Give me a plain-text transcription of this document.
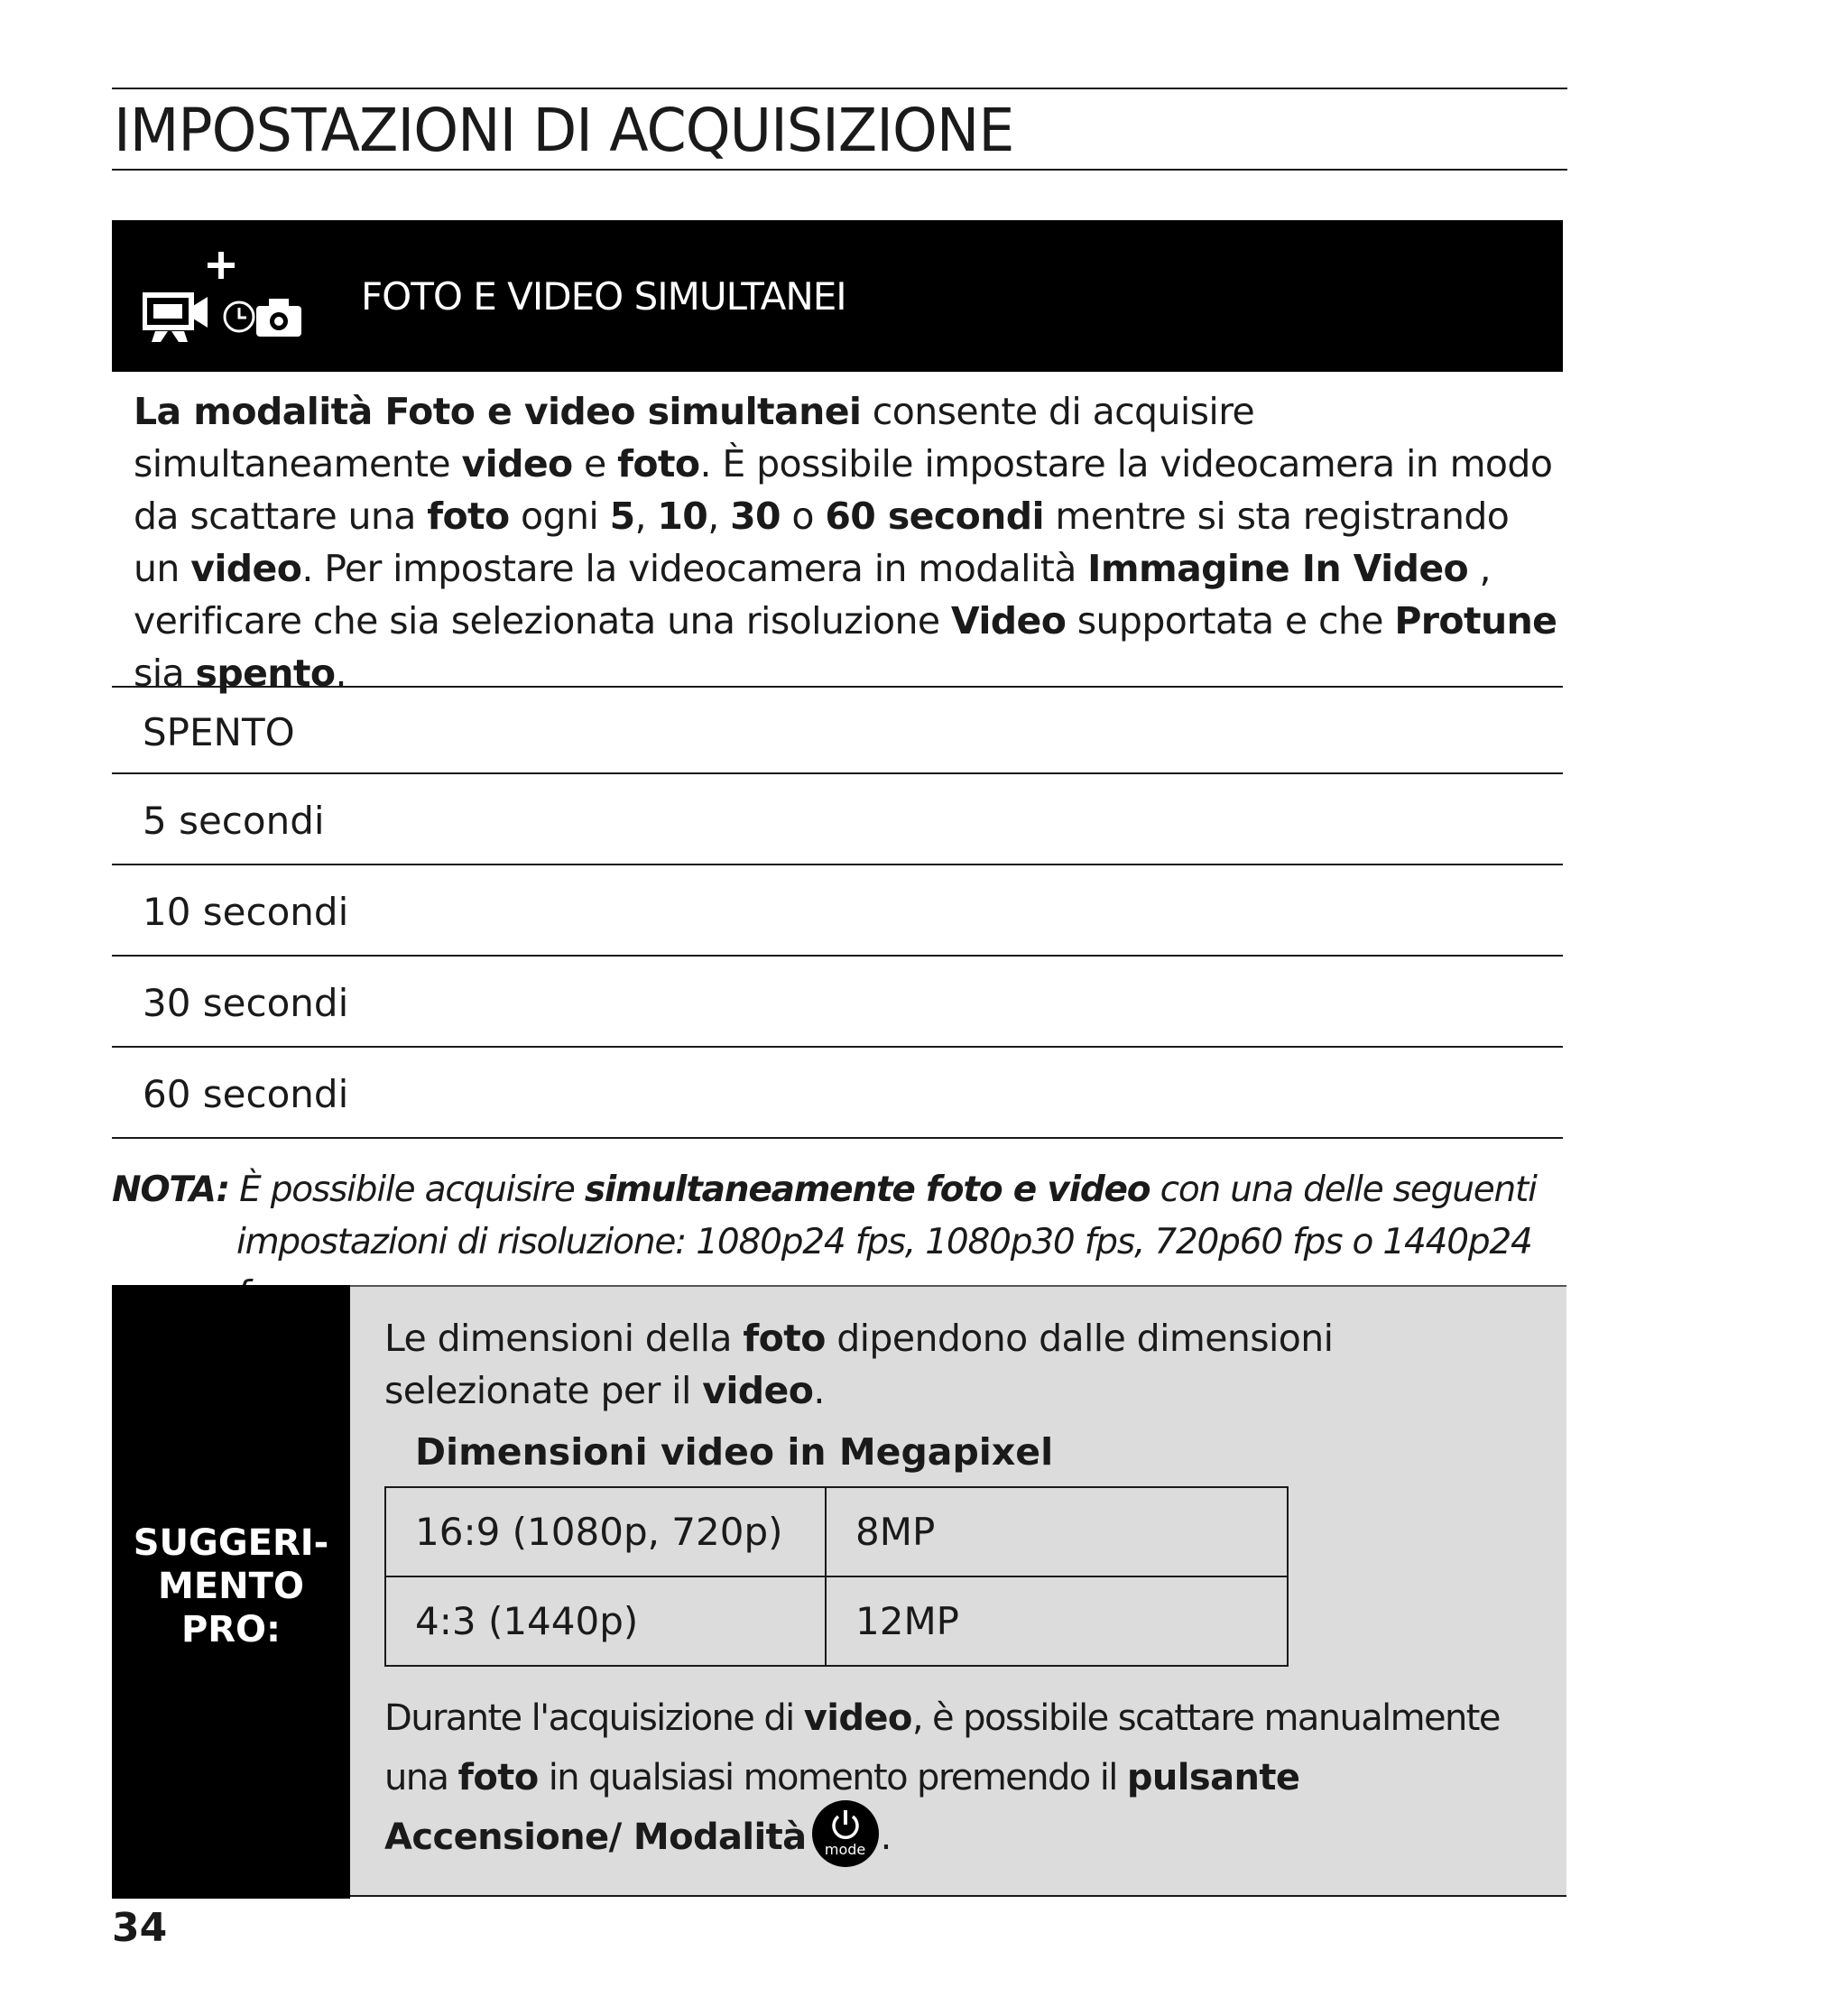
IMPOSTAZIONI DI ACQUISIZIONE
FOTO E VIDEO SIMULTANEI
La modalità Foto e video simultanei consente di acquisire simultaneamente video e foto. È possibile impostare la videocamera in modo da scattare una foto ogni 5, 10, 30 o 60 secondi mentre si sta registrando un video. Per impostare la videocamera in modalità Immagine In Video , verificare che sia selezionata una risoluzione Video supportata e che Protune sia spento.
SPENTO
5 secondi
10 secondi
30 secondi
60 secondi
NOTA: È possibile acquisire simultaneamente foto e video con una delle seguenti
impostazioni di risoluzione: 1080p24 fps, 1080p30 fps, 720p60 fps o 1440p24
SUGGERI-
MENTO
PRO:
Le dimensioni della foto dipendono dalle dimensioni selezionate per il video.
Dimensioni video in Megapixel
16:9 (1080p, 720p)	8MP
4:3 (1440p)	12MP
Durante l'acquisizione di video, è possibile scattare manualmente una foto in qualsiasi momento premendo il pulsante Accensione/ Modalità	mode .
34
